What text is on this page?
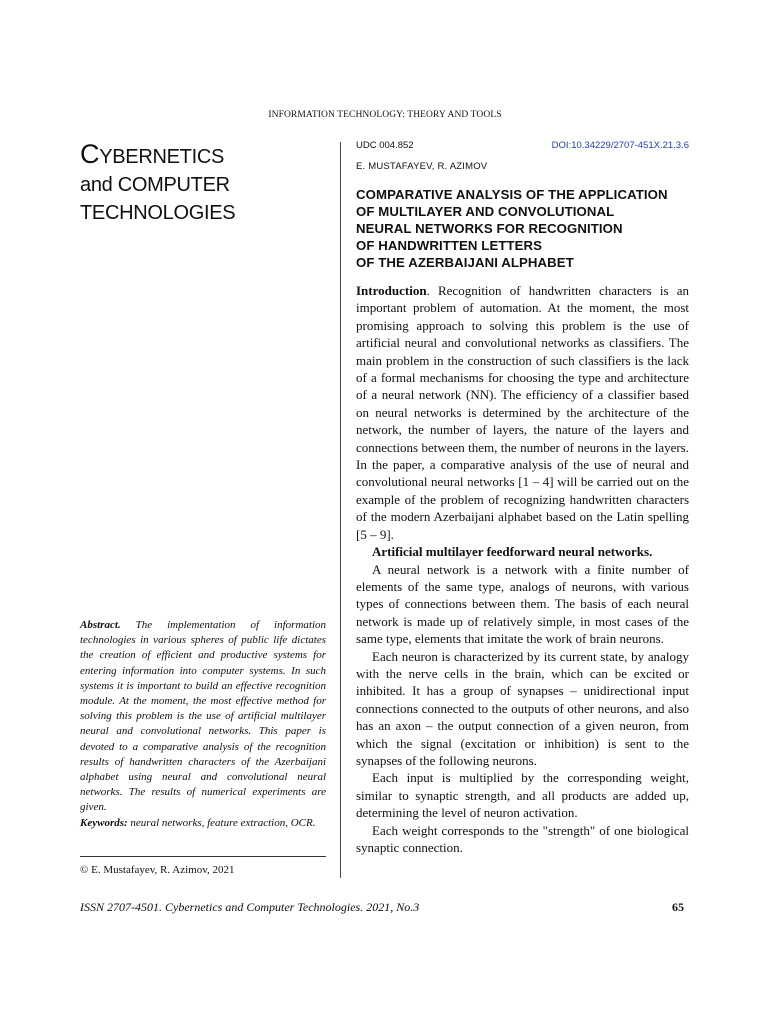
INFORMATION TECHNOLOGY: THEORY AND TOOLS
CYBERNETICS
and COMPUTER
TECHNOLOGIES
Abstract. The implementation of information technologies in various spheres of public life dictates the creation of efficient and productive systems for entering information into computer systems. In such systems it is important to build an effective recognition module. At the moment, the most effective method for solving this problem is the use of artificial multilayer neural and convolutional networks. This paper is devoted to a comparative analysis of the recognition results of handwritten characters of the Azerbaijani alphabet using neural and convolutional neural networks. The results of numerical experiments are given.
Keywords: neural networks, feature extraction, OCR.
© E. Mustafayev, R. Azimov, 2021
UDC 004.852	DOI:10.34229/2707-451X.21.3.6
E. MUSTAFAYEV, R. AZIMOV
COMPARATIVE ANALYSIS OF THE APPLICATION
OF MULTILAYER AND CONVOLUTIONAL
NEURAL NETWORKS FOR RECOGNITION
OF HANDWRITTEN LETTERS
OF THE AZERBAIJANI ALPHABET

Introduction. Recognition of handwritten characters is an important problem of automation. At the moment, the most promising approach to solving this problem is the use of artificial neural and convolutional networks as classifiers. The main problem in the construction of such classifiers is the lack of a formal mechanisms for choosing the type and architecture of a neural network (NN). The efficiency of a classifier based on neural networks is determined by the architecture of the network, the number of layers, the nature of the layers and connections between them, the number of neurons in the layers. In the paper, a comparative analysis of the use of neural and convolutional neural networks [1 – 4] will be carried out on the example of the problem of recognizing handwritten characters of the modern Azerbaijani alphabet based on the Latin spelling [5 – 9].

Artificial multilayer feedforward neural networks.

A neural network is a network with a finite number of elements of the same type, analogs of neurons, with various types of connections between them. The basis of each neural network is made up of relatively simple, in most cases of the same type, elements that imitate the work of brain neurons.

Each neuron is characterized by its current state, by analogy with the nerve cells in the brain, which can be excited or inhibited. It has a group of synapses – unidirectional input connections connected to the outputs of other neurons, and also has an axon – the output connection of a given neuron, from which the signal (excitation or inhibition) is sent to the synapses of the following neurons.

Each input is multiplied by the corresponding weight, similar to synaptic strength, and all products are added up, determining the level of neuron activation.

Each weight corresponds to the "strength" of one biological synaptic connection.

ISSN 2707-4501. Cybernetics and Computer Technologies. 2021, No.3	65
